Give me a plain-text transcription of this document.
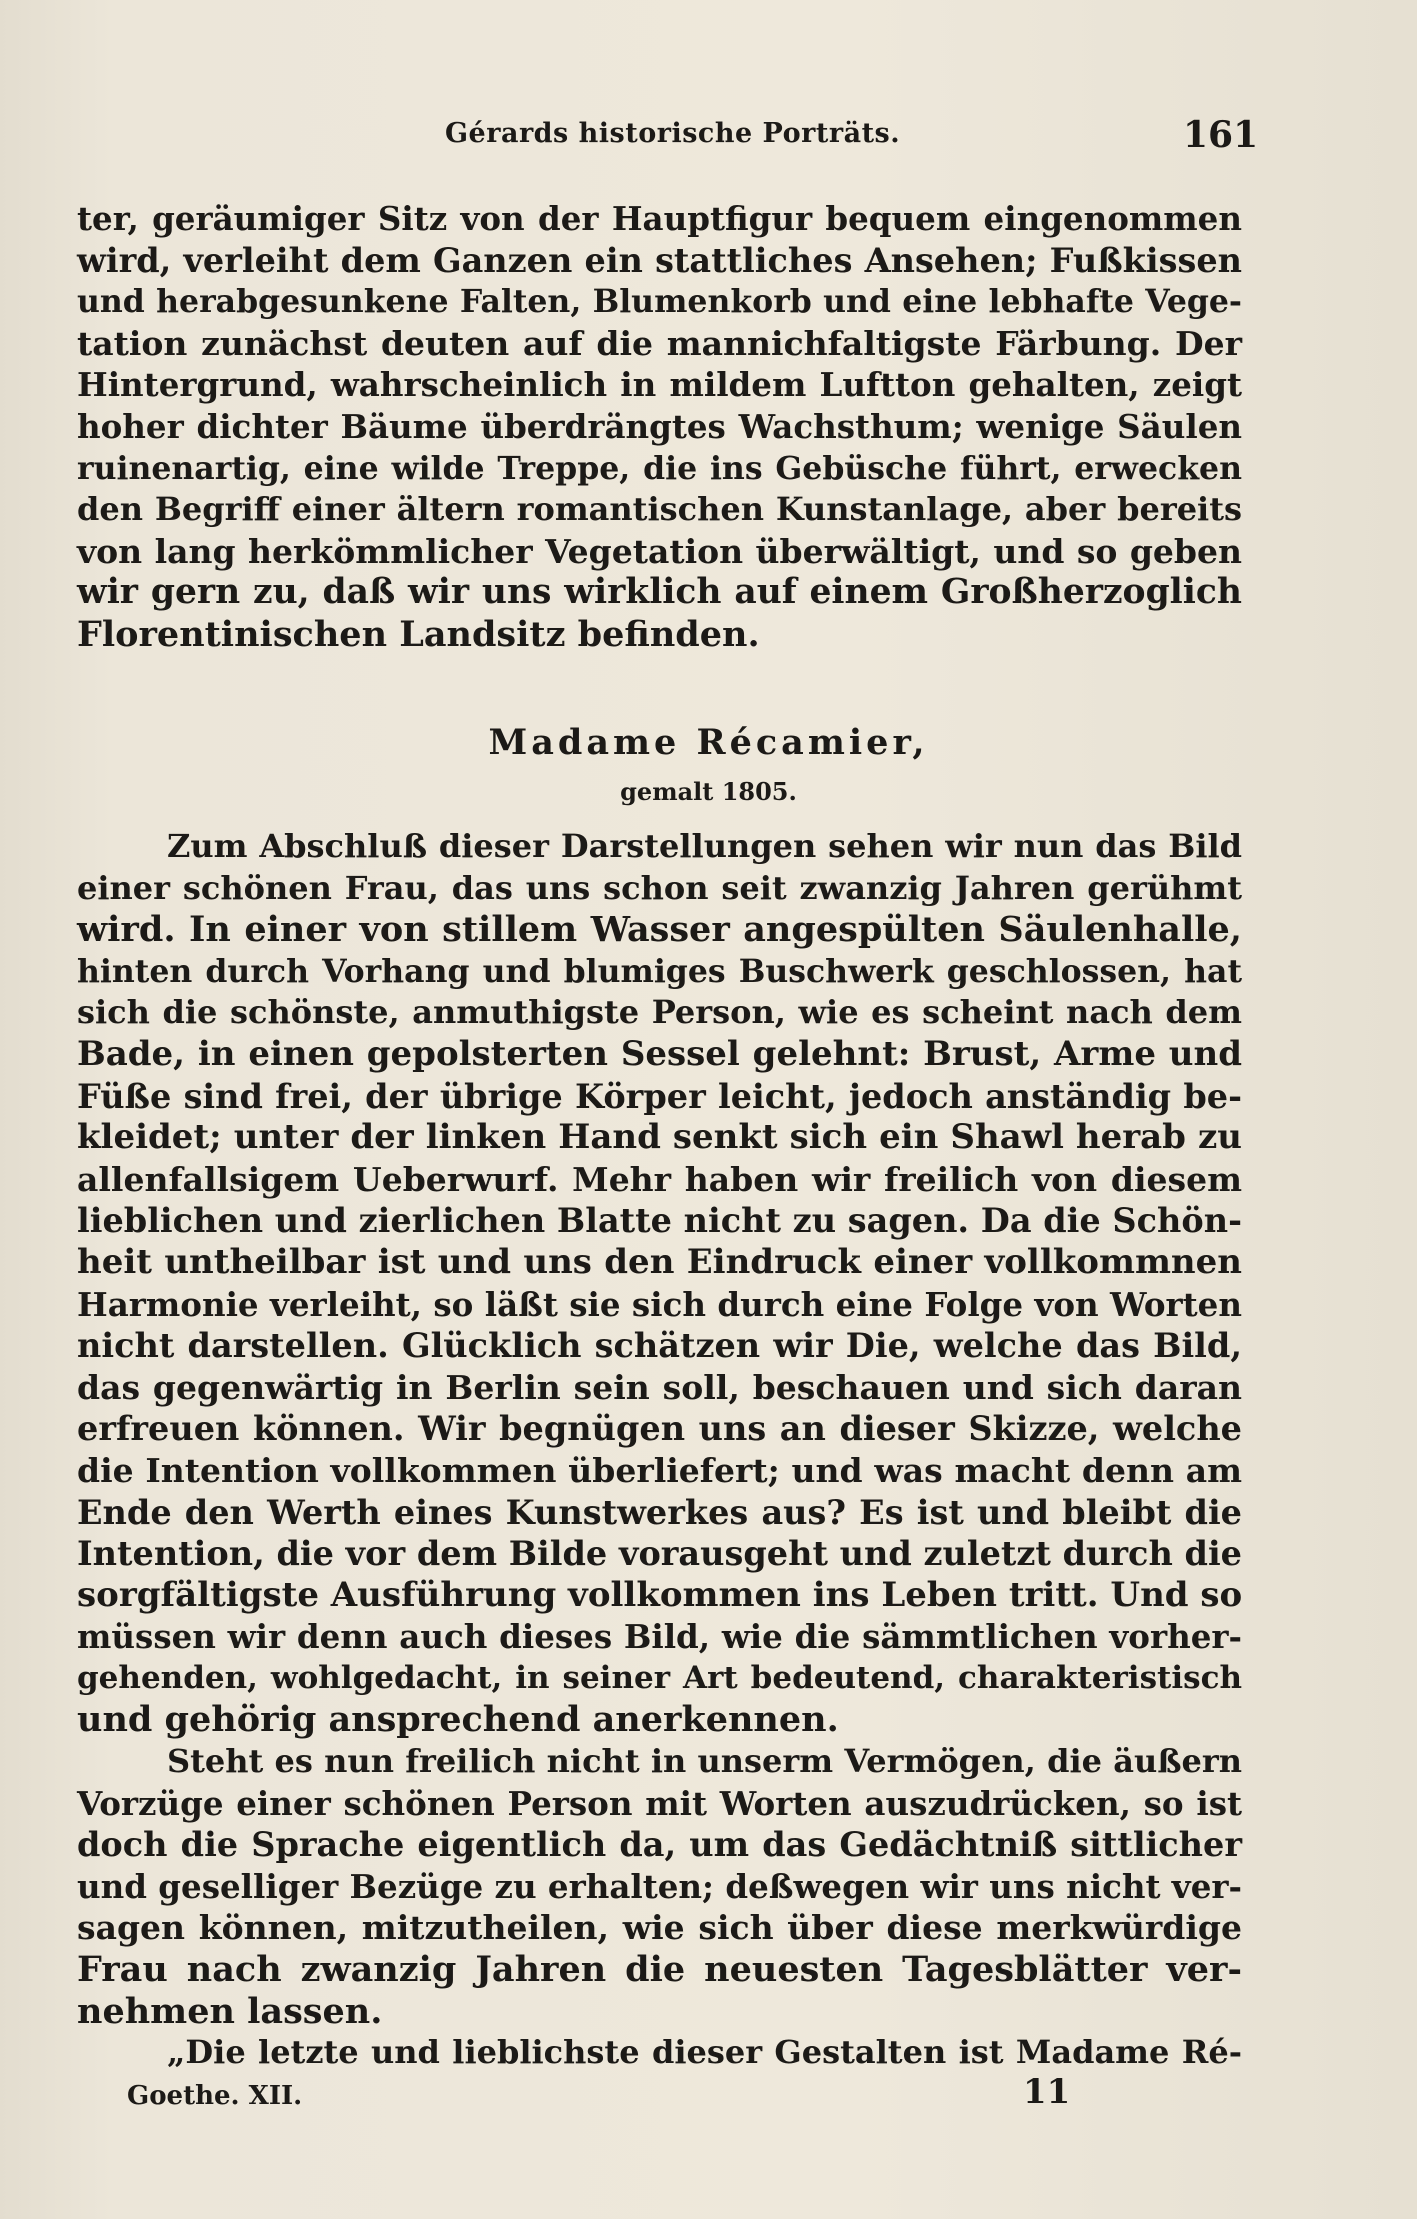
Gérards historische Porträts.	161
ter, geräumiger Sitz von der Hauptfigur bequem eingenommen
wird, verleiht dem Ganzen ein stattliches Ansehen; Fußkissen
und herabgesunkene Falten, Blumenkorb und eine lebhafte Vege-
tation zunächst deuten auf die mannichfaltigste Färbung. Der
Hintergrund, wahrscheinlich in mildem Luftton gehalten, zeigt
hoher dichter Bäume überdrängtes Wachsthum; wenige Säulen
ruinenartig, eine wilde Treppe, die ins Gebüsche führt, erwecken
den Begriff einer ältern romantischen Kunstanlage, aber bereits
von lang herkömmlicher Vegetation überwältigt, und so geben
wir gern zu, daß wir uns wirklich auf einem Großherzoglich
Florentinischen Landsitz befinden.
Madame Récamier,
gemalt 1805.
Zum Abschluß dieser Darstellungen sehen wir nun das Bild
einer schönen Frau, das uns schon seit zwanzig Jahren gerühmt
wird. In einer von stillem Wasser angespülten Säulenhalle,
hinten durch Vorhang und blumiges Buschwerk geschlossen, hat
sich die schönste, anmuthigste Person, wie es scheint nach dem
Bade, in einen gepolsterten Sessel gelehnt: Brust, Arme und
Füße sind frei, der übrige Körper leicht, jedoch anständig be-
kleidet; unter der linken Hand senkt sich ein Shawl herab zu
allenfallsigem Ueberwurf. Mehr haben wir freilich von diesem
lieblichen und zierlichen Blatte nicht zu sagen. Da die Schön-
heit untheilbar ist und uns den Eindruck einer vollkommnen
Harmonie verleiht, so läßt sie sich durch eine Folge von Worten
nicht darstellen. Glücklich schätzen wir Die, welche das Bild,
das gegenwärtig in Berlin sein soll, beschauen und sich daran
erfreuen können. Wir begnügen uns an dieser Skizze, welche
die Intention vollkommen überliefert; und was macht denn am
Ende den Werth eines Kunstwerkes aus? Es ist und bleibt die
Intention, die vor dem Bilde vorausgeht und zuletzt durch die
sorgfältigste Ausführung vollkommen ins Leben tritt. Und so
müssen wir denn auch dieses Bild, wie die sämmtlichen vorher-
gehenden, wohlgedacht, in seiner Art bedeutend, charakteristisch
und gehörig ansprechend anerkennen.
Steht es nun freilich nicht in unserm Vermögen, die äußern
Vorzüge einer schönen Person mit Worten auszudrücken, so ist
doch die Sprache eigentlich da, um das Gedächtniß sittlicher
und geselliger Bezüge zu erhalten; deßwegen wir uns nicht ver-
sagen können, mitzutheilen, wie sich über diese merkwürdige
Frau nach zwanzig Jahren die neuesten Tagesblätter ver-
nehmen lassen.
„Die letzte und lieblichste dieser Gestalten ist Madame Ré-
Goethe. XII.	11
